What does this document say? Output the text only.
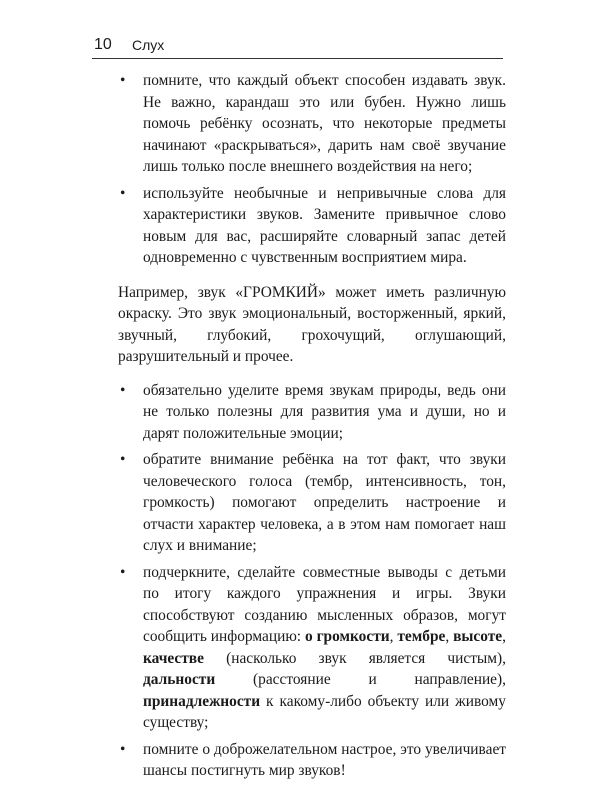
10 Слух
• помните, что каждый объект способен издавать звук. Не важно, карандаш это или бубен. Нужно лишь помочь ребёнку осознать, что некоторые предметы начинают «раскрываться», дарить нам своё звучание лишь только после внешнего воздействия на него;
• используйте необычные и непривычные слова для характеристики звуков. Замените привычное слово новым для вас, расширяйте словарный запас детей одновременно с чувственным восприятием мира.

Например, звук «ГРОМКИЙ» может иметь различную окраску. Это звук эмоциональный, восторженный, яркий, звучный, глубокий, грохочущий, оглушающий, разрушительный и прочее.

• обязательно уделите время звукам природы, ведь они не только полезны для развития ума и души, но и дарят положительные эмоции;
• обратите внимание ребёнка на тот факт, что звуки человеческого голоса (тембр, интенсивность, тон, громкость) помогают определить настроение и отчасти характер человека, а в этом нам помогает наш слух и внимание;
• подчеркните, сделайте совместные выводы с детьми по итогу каждого упражнения и игры. Звуки способствуют созданию мысленных образов, могут сообщить информацию: о громкости, тембре, высоте, качестве (насколько звук является чистым), дальности (расстояние и направление), принадлежности к какому-либо объекту или живому существу;
• помните о доброжелательном настрое, это увеличивает шансы постигнуть мир звуков!
